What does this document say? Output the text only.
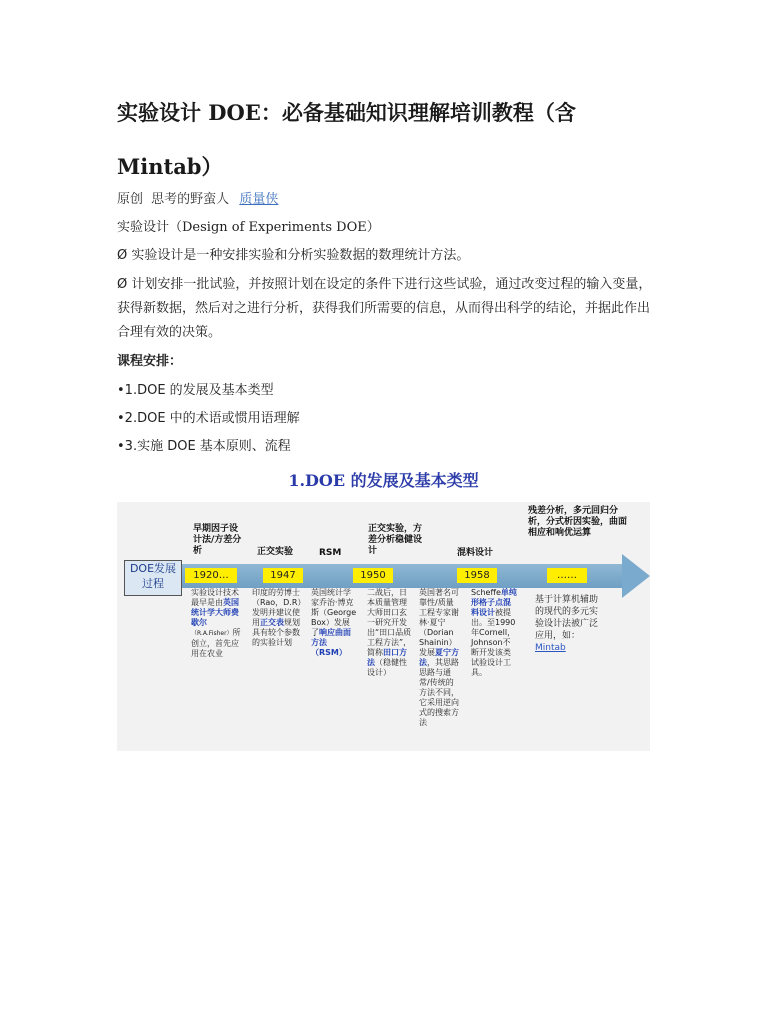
实验设计 DOE：必备基础知识理解培训教程（含Mintab）

原创 思考的野蛮人 质量侠

实验设计（Design of Experiments DOE）

Ø 实验设计是一种安排实验和分析实验数据的数理统计方法。

Ø 计划安排一批试验，并按照计划在设定的条件下进行这些试验，通过改变过程的输入变量，获得新数据，然后对之进行分析，获得我们所需要的信息，从而得出科学的结论，并据此作出合理有效的决策。

课程安排：

•1.DOE 的发展及基本类型

•2.DOE 中的术语或惯用语理解

•3.实施 DOE 基本原则、流程

1.DOE 的发展及基本类型
DOE发展过程
1920…	1947	1950	1958	……
早期因子设计法/方差分析	正交实验	RSM
正交实验，方差分析稳健设计	混料设计
残差分析，多元回归分析，分式析因实验，曲面相应和响优运算
实验设计技术最早是由英国统计学大师费歇尔（R.A.Fisher）所创立，首先应用在农业
印度的劳博士（Rao，D.R）发明并建议使用正交表规划具有较个参数的实验计划
英国统计学家乔治·博克斯（George Box）发展了响应曲面方法（RSM）
二战后，日本质量管理大师田口玄一研究开发出“田口品质工程方法”，简称田口方法（稳健性设计）
英国著名可靠性/质量工程专家谢林·夏宁（Dorian Shainin）发展夏宁方法，其思路思路与通常/传统的方法不同，它采用逆向式的搜索方法
Scheffe单纯形格子点混料设计被提出。至1990年Cornell，Johnson不断开发该类试验设计工具。
基于计算机辅助的现代的多元实验设计法被广泛应用，如：Mintab
